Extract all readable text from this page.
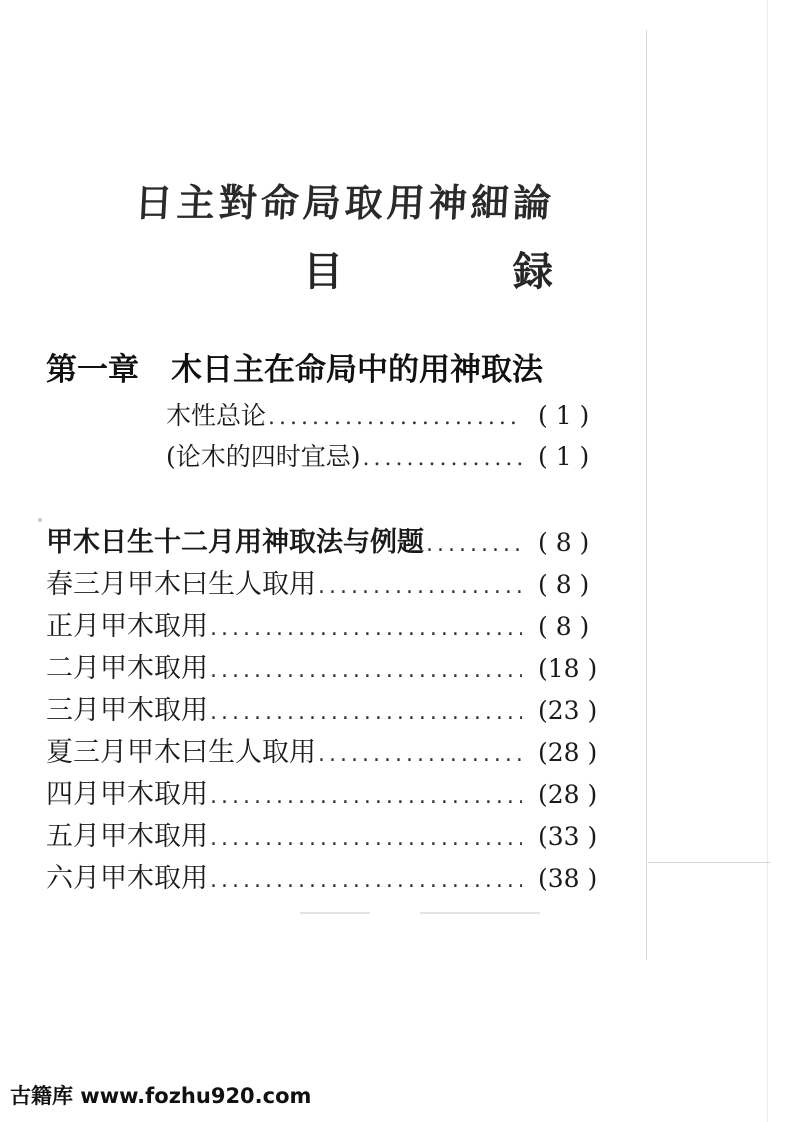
日主對命局取用神細論
目 録
第一章 木日主在命局中的用神取法
木性总论 .....	( 1 )
(论木的四时宜忌) .....	( 1 )
甲木日生十二月用神取法与例题 .....	( 8 )
春三月甲木曰生人取用 .....	( 8 )
正月甲木取用 .....	( 8 )
二月甲木取用 .....	(18 )
三月甲木取用 .....	(23 )
夏三月甲木曰生人取用 .....	(28 )
四月甲木取用 .....	(28 )
五月甲木取用 .....	(33 )
六月甲木取用 .....	(38 )
古籍库 www.fozhu920.com
